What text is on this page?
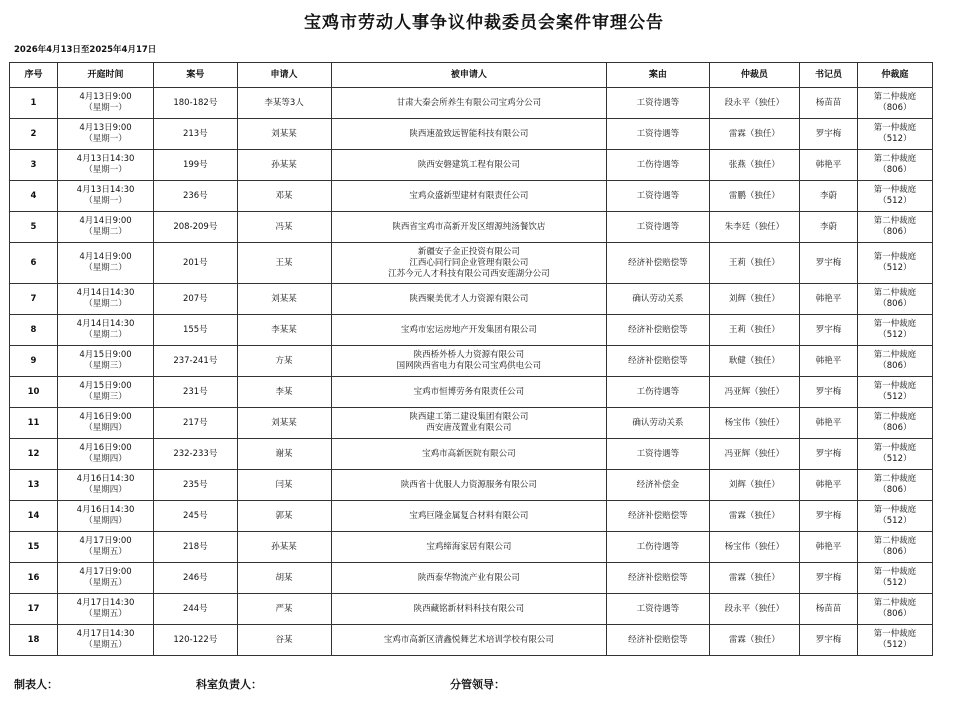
宝鸡市劳动人事争议仲裁委员会案件审理公告
2026年4月13日至2025年4月17日
序号	开庭时间	案号	申请人	被申请人	案由	仲裁员	书记员	仲裁庭
1	4月13日9:00
（星期一）	180-182号	李某等3人	甘肃大秦会所养生有限公司宝鸡分公司	工资待遇等	段永平（独任）	杨苗苗	第二仲裁庭
（806）

2	4月13日9:00
（星期一）	213号	刘某某	陕西速盈致远智能科技有限公司	工资待遇等	雷霖（独任）	罗宇梅	第一仲裁庭
（512）

3	4月13日14:30
（星期一）	199号	孙某某	陕西安磐建筑工程有限公司	工伤待遇等	张燕（独任）	韩艳平	第二仲裁庭
（806）

4	4月13日14:30
（星期一）	236号	邓某	宝鸡众盛新型建材有限责任公司	工资待遇等	雷鹏（独任）	李蔚	第一仲裁庭
（512）

5	4月14日9:00
（星期二）	208-209号	冯某	陕西省宝鸡市高新开发区缙源纯汤餐饮店	工资待遇等	朱李廷（独任）	李蔚	第二仲裁庭
（806）

6	4月14日9:00
（星期二）	201号	王某	新疆安子金正投资有限公司
江西心同行同企业管理有限公司
江苏今元人才科技有限公司西安莲湖分公司	经济补偿赔偿等	王莉（独任）	罗宇梅	第一仲裁庭
（512）

7	4月14日14:30
（星期二）	207号	刘某某	陕西聚美优才人力资源有限公司	确认劳动关系	刘辉（独任）	韩艳平	第二仲裁庭
（806）

8	4月14日14:30
（星期二）	155号	李某某	宝鸡市宏运房地产开发集团有限公司	经济补偿赔偿等	王莉（独任）	罗宇梅	第一仲裁庭
（512）

9	4月15日9:00
（星期三）	237-241号	方某	陕西桥外桥人力资源有限公司
国网陕西省电力有限公司宝鸡供电公司	经济补偿赔偿等	耿健（独任）	韩艳平	第二仲裁庭
（806）

10	4月15日9:00
（星期三）	231号	李某	宝鸡市恒博劳务有限责任公司	工伤待遇等	冯亚辉（独任）	罗宇梅	第一仲裁庭
（512）

11	4月16日9:00
（星期四）	217号	刘某某	陕西建工第二建设集团有限公司
西安唐茂置业有限公司	确认劳动关系	杨宝伟（独任）	韩艳平	第二仲裁庭
（806）

12	4月16日9:00
（星期四）	232-233号	谢某	宝鸡市高新医院有限公司	工资待遇等	冯亚辉（独任）	罗宇梅	第一仲裁庭
（512）

13	4月16日14:30
（星期四）	235号	闫某	陕西省十优服人力资源服务有限公司	经济补偿金	刘辉（独任）	韩艳平	第二仲裁庭
（806）

14	4月16日14:30
（星期四）	245号	郭某	宝鸡巨隆金属复合材料有限公司	经济补偿赔偿等	雷霖（独任）	罗宇梅	第一仲裁庭
（512）

15	4月17日9:00
（星期五）	218号	孙某某	宝鸡缔海家居有限公司	工伤待遇等	杨宝伟（独任）	韩艳平	第二仲裁庭
（806）

16	4月17日9:00
（星期五）	246号	胡某	陕西泰华物流产业有限公司	经济补偿赔偿等	雷霖（独任）	罗宇梅	第一仲裁庭
（512）

17	4月17日14:30
（星期五）	244号	严某	陕西藏铭新材料科技有限公司	工资待遇等	段永平（独任）	杨苗苗	第二仲裁庭
（806）

18	4月17日14:30
（星期五）	120-122号	谷某	宝鸡市高新区清鑫悦舞艺术培训学校有限公司	经济补偿赔偿等	雷霖（独任）	罗宇梅	第一仲裁庭
（512）
制表人：	科室负责人：	分管领导：
